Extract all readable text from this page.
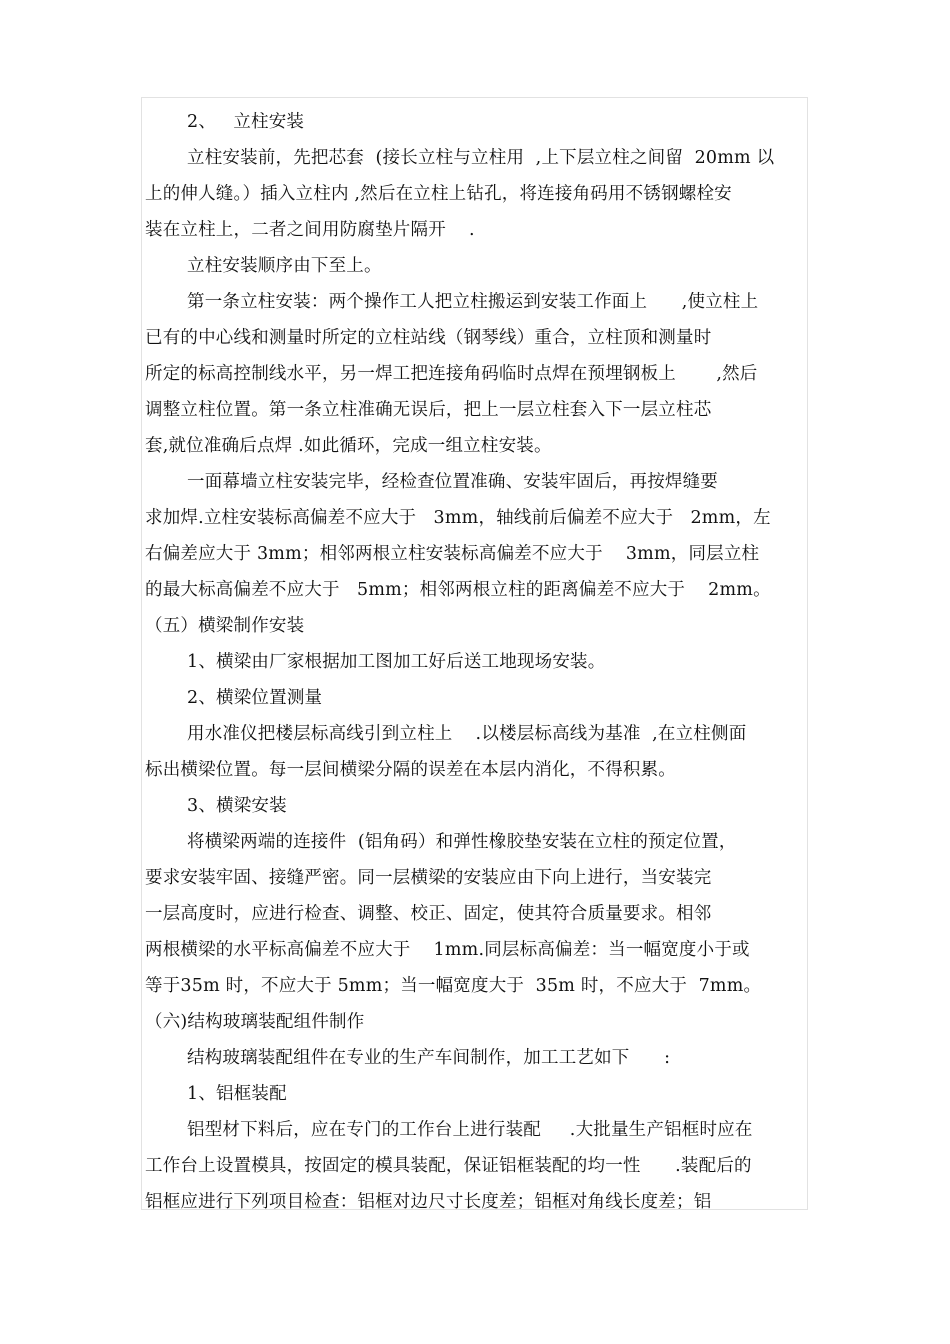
2、   立柱安装
立柱安装前，先把芯套  (接长立柱与立柱用  ,上下层立柱之间留  20mm 以
上的伸人缝。）插入立柱内 ,然后在立柱上钻孔，将连接角码用不锈钢螺栓安
装在立柱上，二者之间用防腐垫片隔开    .
立柱安装顺序由下至上。
第一条立柱安装：两个操作工人把立柱搬运到安装工作面上      ,使立柱上
已有的中心线和测量时所定的立柱站线（钢琴线）重合，立柱顶和测量时
所定的标高控制线水平，另一焊工把连接角码临时点焊在预埋钢板上       ,然后
调整立柱位置。第一条立柱准确无误后，把上一层立柱套入下一层立柱芯
套,就位准确后点焊 .如此循环，完成一组立柱安装。
一面幕墙立柱安装完毕，经检查位置准确、安装牢固后，再按焊缝要
求加焊.立柱安装标高偏差不应大于   3mm，轴线前后偏差不应大于   2mm，左
右偏差应大于 3mm；相邻两根立柱安装标高偏差不应大于    3mm，同层立柱
的最大标高偏差不应大于   5mm；相邻两根立柱的距离偏差不应大于    2mm。
（五）横梁制作安装
1、横梁由厂家根据加工图加工好后送工地现场安装。
2、横梁位置测量
用水准仪把楼层标高线引到立柱上    .以楼层标高线为基准  ,在立柱侧面
标出横梁位置。每一层间横梁分隔的误差在本层内消化，不得积累。
3、横梁安装
将横梁两端的连接件  (铝角码）和弹性橡胶垫安装在立柱的预定位置，
要求安装牢固、接缝严密。同一层横梁的安装应由下向上进行，当安装完
一层高度时，应进行检查、调整、校正、固定，使其符合质量要求。相邻
两根横梁的水平标高偏差不应大于    1mm.同层标高偏差：当一幅宽度小于或
等于35m 时，不应大于 5mm；当一幅宽度大于  35m 时，不应大于  7mm。
（六)结构玻璃装配组件制作
结构玻璃装配组件在专业的生产车间制作，加工工艺如下      :
1、铝框装配
铝型材下料后，应在专门的工作台上进行装配     .大批量生产铝框时应在
工作台上设置模具，按固定的模具装配，保证铝框装配的均一性      .装配后的
铝框应进行下列项目检查：铝框对边尺寸长度差；铝框对角线长度差；铝
